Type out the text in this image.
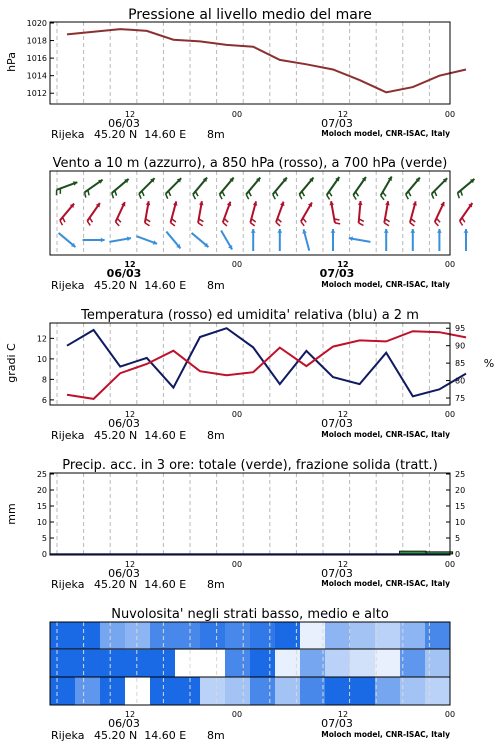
Pressione al livello medio del mare
hPa
1012
1014
1016
1018
1020
12	00	12	00
06/03	07/03
Rijeka 45.20 N  14.60 E 8m	Moloch model, CNR-ISAC, Italy
Vento a 10 m (azzurro), a 850 hPa (rosso), a 700 hPa (verde)
12	00	12	00
06/03	07/03
Rijeka 45.20 N  14.60 E 8m	Moloch model, CNR-ISAC, Italy
Temperatura (rosso) ed umidita' relativa (blu) a 2 m
gradi C	%
6
8
10
12
75
80
85
90
95
12	00	12	00
06/03	07/03
Rijeka 45.20 N  14.60 E 8m	Moloch model, CNR-ISAC, Italy
Precip. acc. in 3 ore: totale (verde), frazione solida (tratt.)
mm
0
5
10
15
20
25
0
5
10
15
20
25
12	00	12	00
06/03	07/03
Rijeka 45.20 N  14.60 E 8m	Moloch model, CNR-ISAC, Italy
Nuvolosita' negli strati basso, medio e alto
12	00	12	00
06/03	07/03
Rijeka 45.20 N  14.60 E 8m	Moloch model, CNR-ISAC, Italy
